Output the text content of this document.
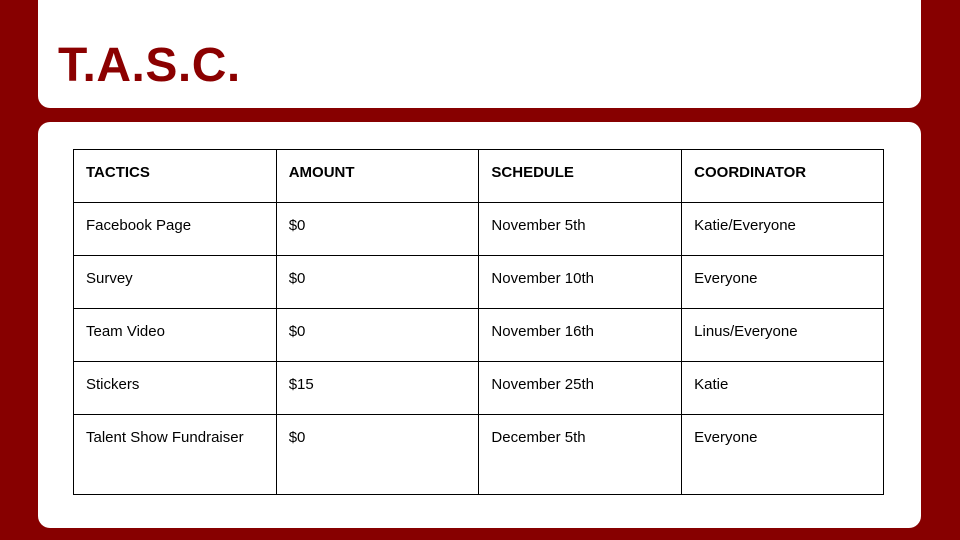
T.A.S.C.
TACTICS	AMOUNT	SCHEDULE	COORDINATOR
Facebook Page	$0	November 5th	Katie/Everyone
Survey	$0	November 10th	Everyone
Team Video	$0	November 16th	Linus/Everyone
Stickers	$15	November 25th	Katie
Talent Show Fundraiser	$0	December 5th	Everyone
